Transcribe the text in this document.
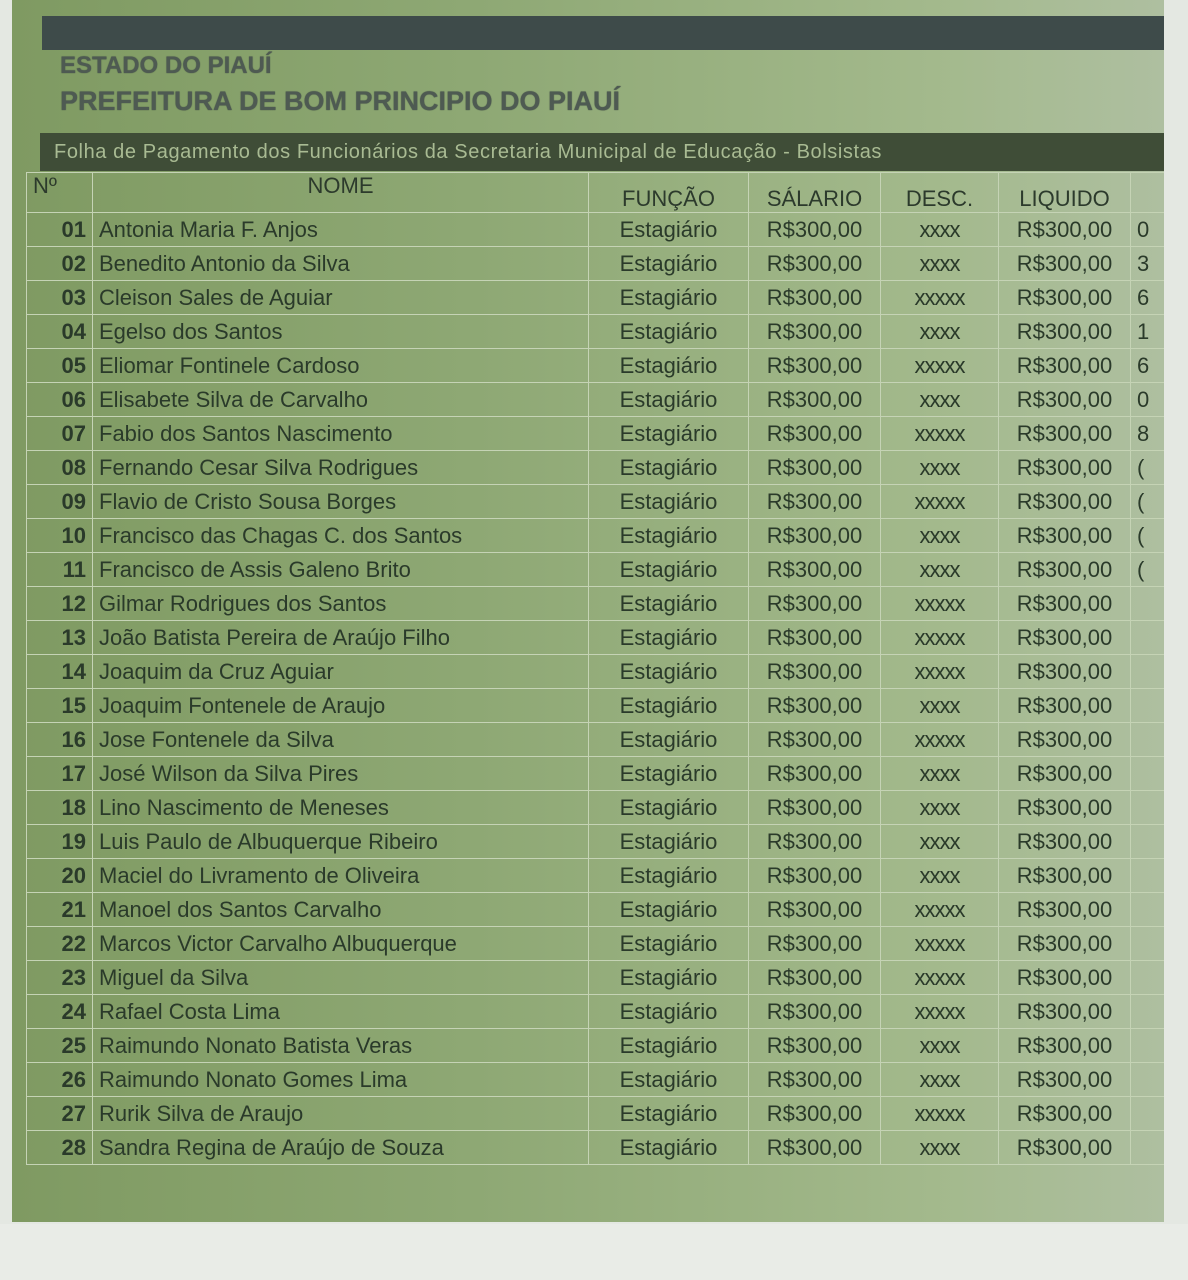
ESTADO DO PIAUÍ
PREFEITURA DE BOM PRINCIPIO DO PIAUÍ
Folha de Pagamento dos Funcionários da Secretaria Municipal de Educação - Bolsistas
Nº	NOME	FUNÇÃO	SÁLARIO	DESC.	LIQUIDO	
01	Antonia Maria F. Anjos	Estagiário	R$300,00	xxxx	R$300,00	0
02	Benedito Antonio da Silva	Estagiário	R$300,00	xxxx	R$300,00	3
03	Cleison Sales de Aguiar	Estagiário	R$300,00	xxxxx	R$300,00	6
04	Egelso dos Santos	Estagiário	R$300,00	xxxx	R$300,00	1
05	Eliomar Fontinele Cardoso	Estagiário	R$300,00	xxxxx	R$300,00	6
06	Elisabete Silva de Carvalho	Estagiário	R$300,00	xxxx	R$300,00	0
07	Fabio dos Santos Nascimento	Estagiário	R$300,00	xxxxx	R$300,00	8
08	Fernando Cesar Silva Rodrigues	Estagiário	R$300,00	xxxx	R$300,00	(
09	Flavio de Cristo Sousa Borges	Estagiário	R$300,00	xxxxx	R$300,00	(
10	Francisco das Chagas C. dos Santos	Estagiário	R$300,00	xxxx	R$300,00	(
11	Francisco de Assis Galeno Brito	Estagiário	R$300,00	xxxx	R$300,00	(
12	Gilmar Rodrigues dos Santos	Estagiário	R$300,00	xxxxx	R$300,00	
13	João Batista Pereira de Araújo Filho	Estagiário	R$300,00	xxxxx	R$300,00	
14	Joaquim da Cruz Aguiar	Estagiário	R$300,00	xxxxx	R$300,00	
15	Joaquim Fontenele de Araujo	Estagiário	R$300,00	xxxx	R$300,00	
16	Jose Fontenele da Silva	Estagiário	R$300,00	xxxxx	R$300,00	
17	José Wilson da Silva Pires	Estagiário	R$300,00	xxxx	R$300,00	
18	Lino Nascimento de Meneses	Estagiário	R$300,00	xxxx	R$300,00	
19	Luis Paulo de Albuquerque Ribeiro	Estagiário	R$300,00	xxxx	R$300,00	
20	Maciel do Livramento de Oliveira	Estagiário	R$300,00	xxxx	R$300,00	
21	Manoel dos Santos Carvalho	Estagiário	R$300,00	xxxxx	R$300,00	
22	Marcos Victor Carvalho Albuquerque	Estagiário	R$300,00	xxxxx	R$300,00	
23	Miguel da Silva	Estagiário	R$300,00	xxxxx	R$300,00	
24	Rafael Costa Lima	Estagiário	R$300,00	xxxxx	R$300,00	
25	Raimundo Nonato Batista Veras	Estagiário	R$300,00	xxxx	R$300,00	
26	Raimundo Nonato Gomes Lima	Estagiário	R$300,00	xxxx	R$300,00	
27	Rurik Silva de Araujo	Estagiário	R$300,00	xxxxx	R$300,00	
28	Sandra Regina de Araújo de Souza	Estagiário	R$300,00	xxxx	R$300,00	
